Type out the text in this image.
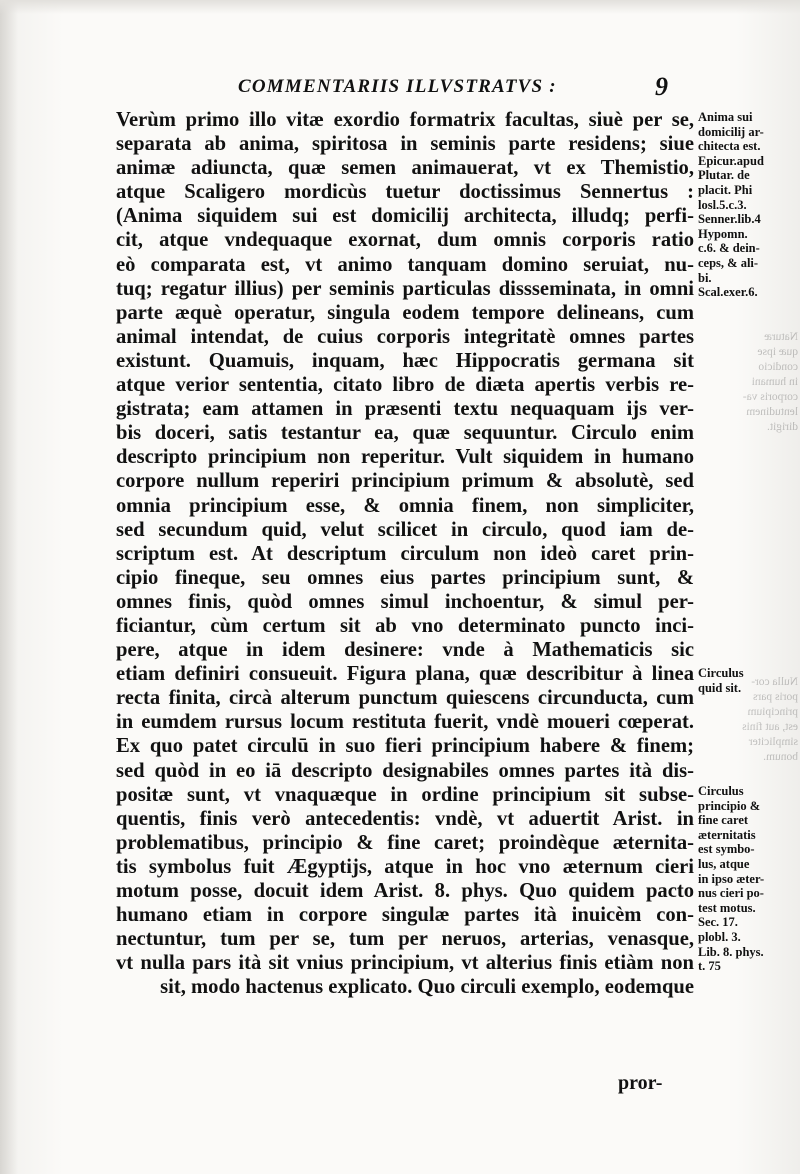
COMMENTARIIS ILLVSTRATVS :	9
Naturæ
quæ ipse
condicio
in humani
corporis va-
lentudinem
dirigit.
Nulla cor-
poris pars
principium
est, aut finis
simpliciter
bonum.
Verùm primo illo vitæ exordio formatrix facultas, siuè per se,
separata ab anima, spiritosa in seminis parte residens; siue
animæ adiuncta, quæ semen animauerat, vt ex Themistio,
atque Scaligero mordicùs tuetur doctissimus Sennertus :
(Anima siquidem sui est domicilij architecta, illudq; perfi-
cit, atque vndequaque exornat, dum omnis corporis ratio
eò comparata est, vt animo tanquam domino seruiat, nu-
tuq; regatur illius) per seminis particulas dissseminata, in omni
parte æquè operatur, singula eodem tempore delineans, cum
animal intendat, de cuius corporis integritatè omnes partes
existunt. Quamuis, inquam, hæc Hippocratis germana sit
atque verior sententia, citato libro de diæta apertis verbis re-
gistrata; eam attamen in præsenti textu nequaquam ijs ver-
bis doceri, satis testantur ea, quæ sequuntur. Circulo enim
descripto principium non reperitur. Vult siquidem in humano
corpore nullum reperiri principium primum & absolutè, sed
omnia principium esse, & omnia finem, non simpliciter,
sed secundum quid, velut scilicet in circulo, quod iam de-
scriptum est. At descriptum circulum non ideò caret prin-
cipio fineque, seu omnes eius partes principium sunt, &
omnes finis, quòd omnes simul inchoentur, & simul per-
ficiantur, cùm certum sit ab vno determinato puncto inci-
pere, atque in idem desinere: vnde à Mathematicis sic
etiam definiri consueuit. Figura plana, quæ describitur à linea
recta finita, circà alterum punctum quiescens circunducta, cum
in eumdem rursus locum restituta fuerit, vndè moueri cœperat.
Ex quo patet circulū in suo fieri principium habere & finem;
sed quòd in eo iā descripto designabiles omnes partes ità dis-
positæ sunt, vt vnaquæque in ordine principium sit subse-
quentis, finis verò antecedentis: vndè, vt aduertit Arist. in
problematibus, principio & fine caret; proindèque æternita-
tis symbolus fuit Ægyptijs, atque in hoc vno æternum cieri
motum posse, docuit idem Arist. 8. phys. Quo quidem pacto
humano etiam in corpore singulæ partes ità inuicèm con-
nectuntur, tum per se, tum per neruos, arterias, venasque,
vt nulla pars ità sit vnius principium, vt alterius finis etiàm non
sit, modo hactenus explicato. Quo circuli exemplo, eodemque
pror-
Anima sui
domicilij ar-
chitecta est.
Epicur.apud
Plutar. de
placit. Phi
losl.5.c.3.
Senner.lib.4
Hypomn.
c.6. & dein-
ceps, & ali-
bi.
Scal.exer.6.
Circulus
quid sit.
Circulus
principio &
fine caret
æternitatis
est symbo-
lus, atque
in ipso æter-
nus cieri po-
test motus.
Sec. 17.
plobl. 3.
Lib. 8. phys.
t. 75
